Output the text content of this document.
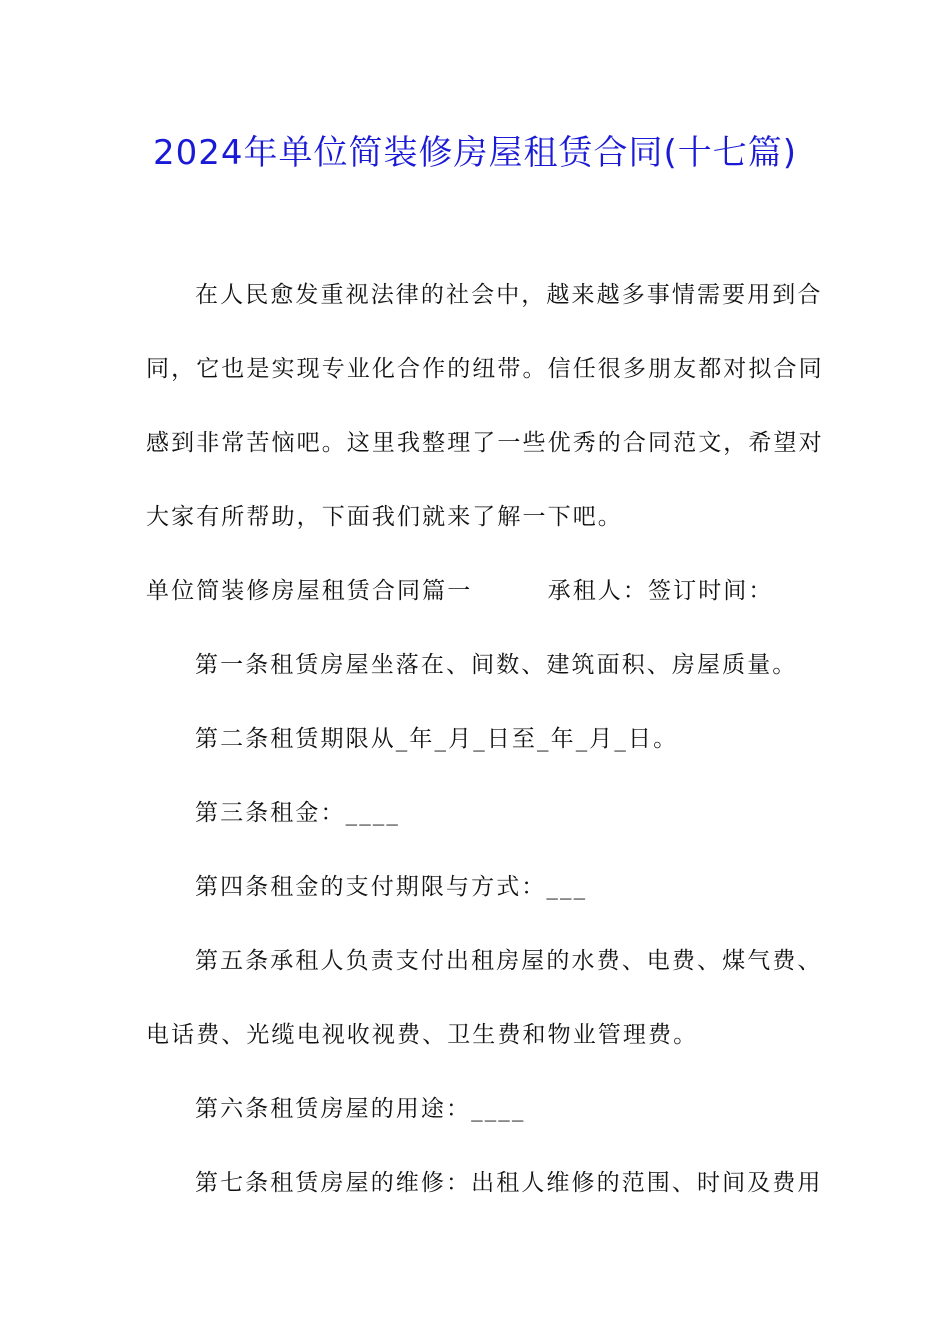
2024年单位简装修房屋租赁合同(十七篇)

在人民愈发重视法律的社会中，越来越多事情需要用到合

同，它也是实现专业化合作的纽带。信任很多朋友都对拟合同

感到非常苦恼吧。这里我整理了一些优秀的合同范文，希望对

大家有所帮助，下面我们就来了解一下吧。

单位简装修房屋租赁合同篇一　　　承租人：签订时间：

第一条租赁房屋坐落在、间数、建筑面积、房屋质量。

第二条租赁期限从_年_月_日至_年_月_日。

第三条租金：____

第四条租金的支付期限与方式：___

第五条承租人负责支付出租房屋的水费、电费、煤气费、

电话费、光缆电视收视费、卫生费和物业管理费。

第六条租赁房屋的用途：____

第七条租赁房屋的维修：出租人维修的范围、时间及费用
